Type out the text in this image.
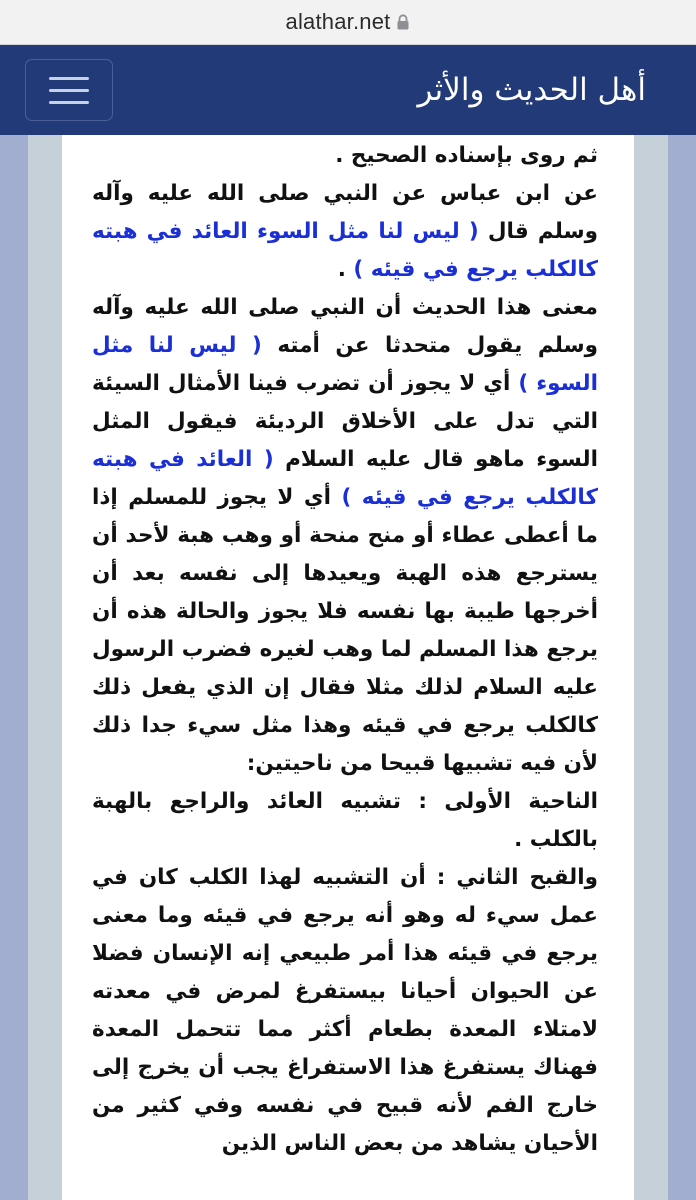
alathar.net
أهل الحديث والأثر

ثم روى بإسناده الصحيح .

عن ابن عباس عن النبي صلى الله عليه وآله وسلم قال ( ليس لنا مثل السوء العائد في هبته كالكلب يرجع في قيئه ) .

معنى هذا الحديث أن النبي صلى الله عليه وآله وسلم يقول متحدثا عن أمته ( ليس لنا مثل السوء ) أي لا يجوز أن تضرب فينا الأمثال السيئة التي تدل على الأخلاق الرديئة فيقول المثل السوء ماهو قال عليه السلام ( العائد في هبته كالكلب يرجع في قيئه ) أي لا يجوز للمسلم إذا ما أعطى عطاء أو منح منحة أو وهب هبة لأحد أن يسترجع هذه الهبة ويعيدها إلى نفسه بعد أن أخرجها طيبة بها نفسه فلا يجوز والحالة هذه أن يرجع هذا المسلم لما وهب لغيره فضرب الرسول عليه السلام لذلك مثلا فقال إن الذي يفعل ذلك كالكلب يرجع في قيئه وهذا مثل سيء جدا ذلك لأن فيه تشبيها قبيحا من ناحيتين:

الناحية الأولى : تشبيه العائد والراجع بالهبة بالكلب .

والقبح الثاني : أن التشبيه لهذا الكلب كان في عمل سيء له وهو أنه يرجع في قيئه وما معنى يرجع في قيئه هذا أمر طبيعي إنه الإنسان فضلا عن الحيوان أحيانا بيستفرغ لمرض في معدته لامتلاء المعدة بطعام أكثر مما تتحمل المعدة فهناك يستفرغ هذا الاستفراغ يجب أن يخرج إلى خارج الفم لأنه قبيح في نفسه وفي كثير من الأحيان يشاهد من بعض الناس الذين
